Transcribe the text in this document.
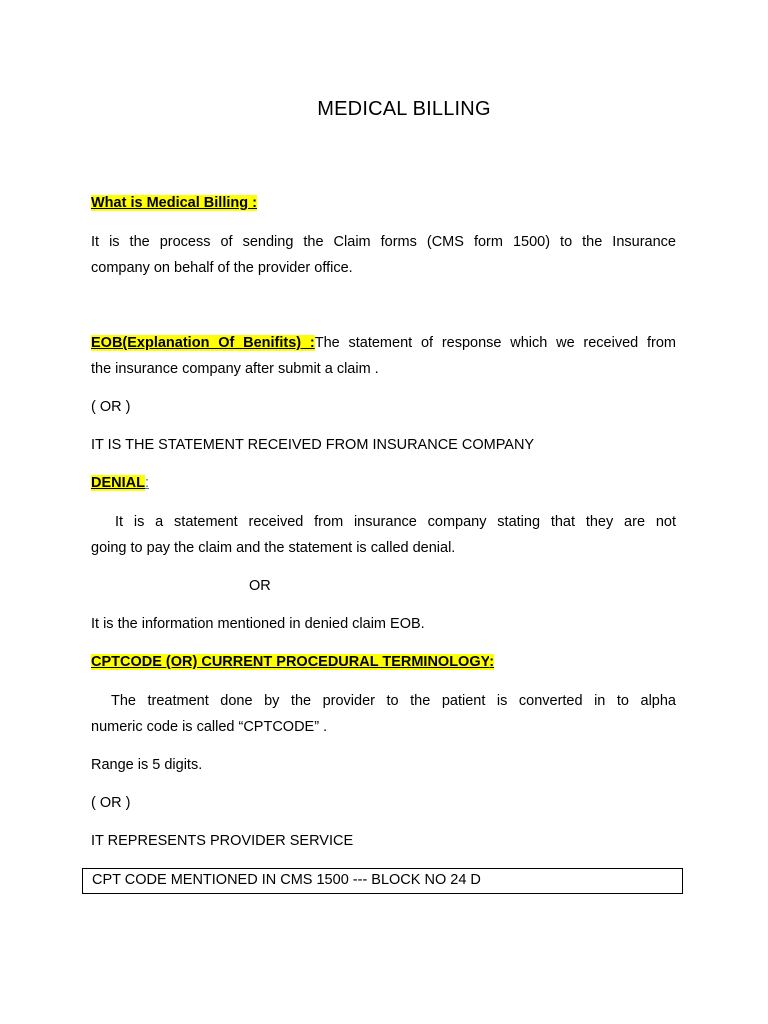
MEDICAL BILLING
What is Medical Billing :
It is the process of sending the Claim forms (CMS form 1500) to the Insurance
company on behalf of the provider office.
EOB(Explanation Of Benifits) :The statement of response which we received from
the insurance company after submit a claim .
( OR )
IT IS THE STATEMENT RECEIVED FROM INSURANCE COMPANY
DENIAL:
It is a statement received from insurance company stating that they are not
going to pay the claim and the statement is called denial.
OR
It is the information mentioned in denied claim EOB.
CPTCODE (OR) CURRENT PROCEDURAL TERMINOLOGY:
The treatment done by the provider to the patient is converted in to alpha
numeric code is called “CPTCODE” .
Range is 5 digits.
( OR )
IT REPRESENTS PROVIDER SERVICE
CPT CODE MENTIONED IN CMS 1500 --- BLOCK NO 24 D
